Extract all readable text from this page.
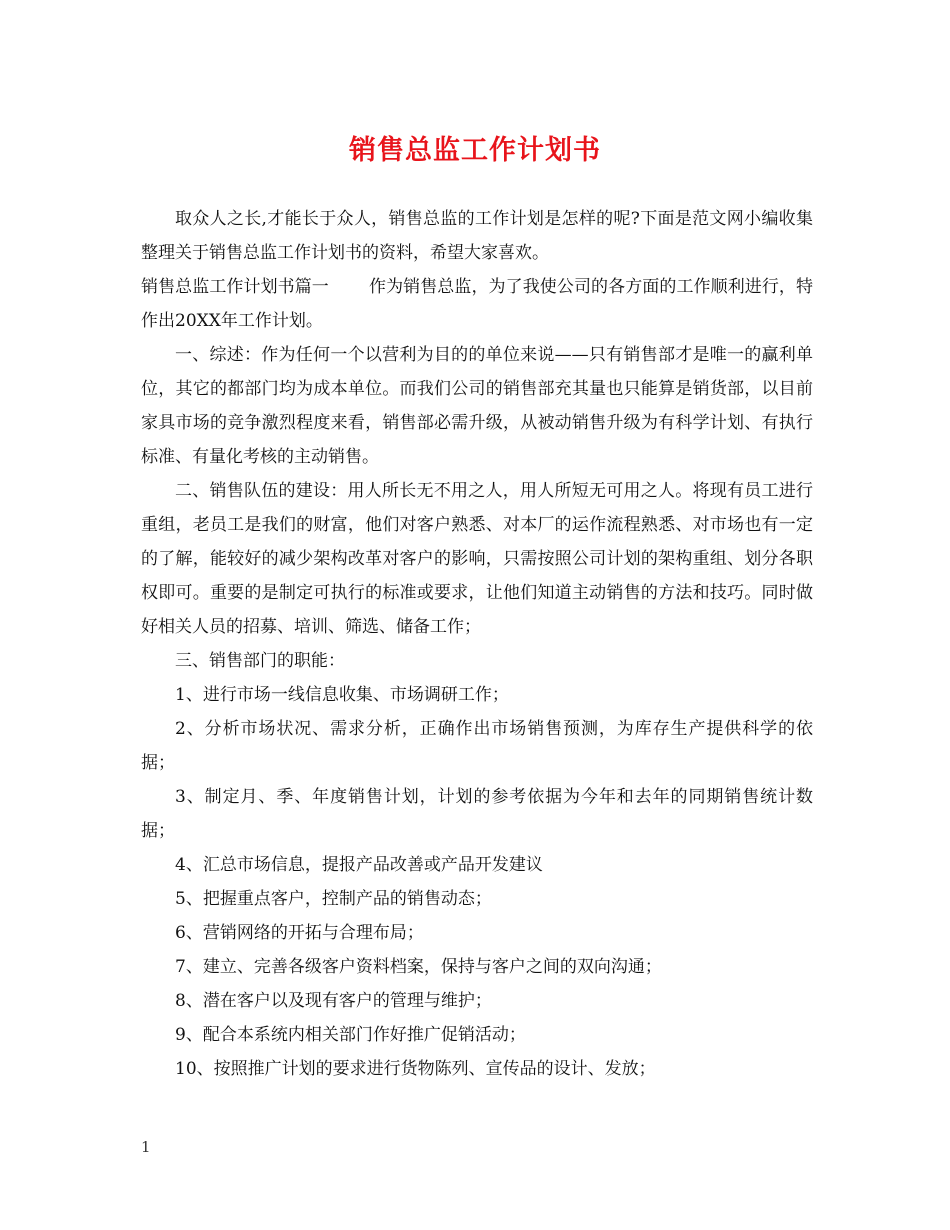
销售总监工作计划书

取众人之长,才能长于众人，销售总监的工作计划是怎样的呢?下面是范文网小编收集整理关于销售总监工作计划书的资料，希望大家喜欢。

销售总监工作计划书篇一 作为销售总监，为了我使公司的各方面的工作顺利进行，特作出20XX年工作计划。

一、综述：作为任何一个以营利为目的的单位来说——只有销售部才是唯一的赢利单位，其它的都部门均为成本单位。而我们公司的销售部充其量也只能算是销货部，以目前家具市场的竞争激烈程度来看，销售部必需升级，从被动销售升级为有科学计划、有执行标准、有量化考核的主动销售。

二、销售队伍的建设：用人所长无不用之人，用人所短无可用之人。将现有员工进行重组，老员工是我们的财富，他们对客户熟悉、对本厂的运作流程熟悉、对市场也有一定的了解，能较好的减少架构改革对客户的影响，只需按照公司计划的架构重组、划分各职权即可。重要的是制定可执行的标准或要求，让他们知道主动销售的方法和技巧。同时做好相关人员的招募、培训、筛选、储备工作；

三、销售部门的职能：

1、进行市场一线信息收集、市场调研工作；

2、分析市场状况、需求分析，正确作出市场销售预测，为库存生产提供科学的依据；

3、制定月、季、年度销售计划，计划的参考依据为今年和去年的同期销售统计数据；

4、汇总市场信息，提报产品改善或产品开发建议

5、把握重点客户，控制产品的销售动态；

6、营销网络的开拓与合理布局；

7、建立、完善各级客户资料档案，保持与客户之间的双向沟通；

8、潜在客户以及现有客户的管理与维护；

9、配合本系统内相关部门作好推广促销活动；

10、按照推广计划的要求进行货物陈列、宣传品的设计、发放；

1
